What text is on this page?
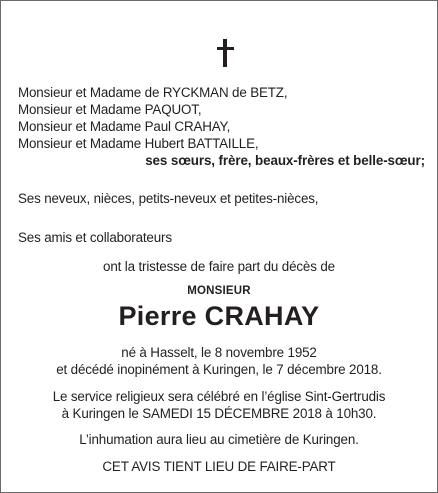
Monsieur et Madame de RYCKMAN de BETZ,
Monsieur et Madame PAQUOT,
Monsieur et Madame Paul CRAHAY,
Monsieur et Madame Hubert BATTAILLE,
ses sœurs, frère, beaux-frères et belle-sœur;
Ses neveux, nièces, petits-neveux et petites-nièces,
Ses amis et collaborateurs
ont la tristesse de faire part du décès de
MONSIEUR
Pierre CRAHAY
né à Hasselt, le 8 novembre 1952
et décédé inopinément à Kuringen, le 7 décembre 2018.
Le service religieux sera célébré en l’église Sint-Gertrudis
à Kuringen le SAMEDI 15 DÉCEMBRE 2018 à 10h30.
L’inhumation aura lieu au cimetière de Kuringen.
CET AVIS TIENT LIEU DE FAIRE-PART
